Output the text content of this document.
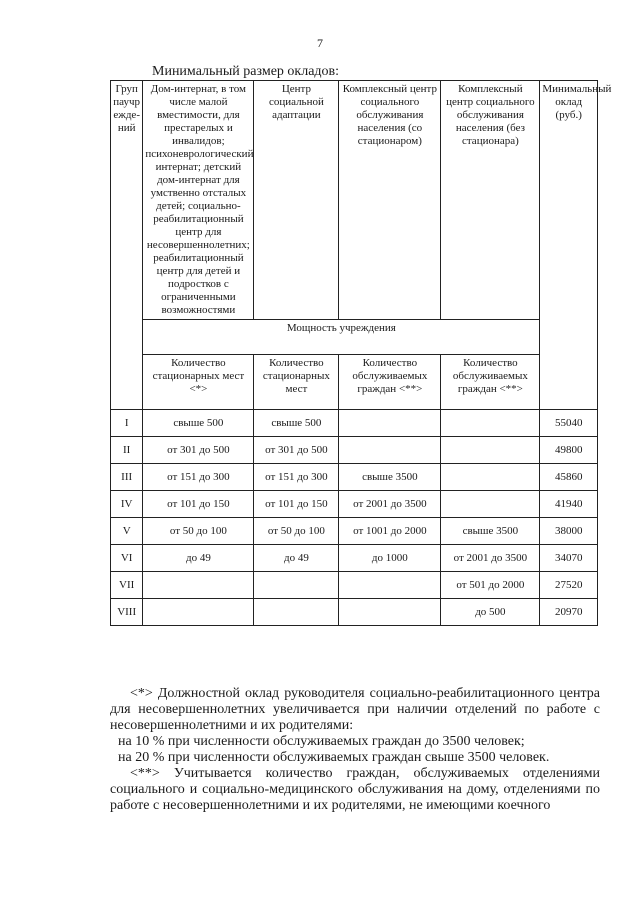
7
Минимальный размер окладов:
Группаучреждений	Дом-интернат, в том числе малой вместимости, для престарелых и инвалидов; психоневрологический интернат; детский дом-интернат для умственно отсталых детей; социально-реабилитационный центр для несовершеннолетних; реабилитационный центр для детей и подростков с ограниченными возможностями	Центр социальной адаптации	Комплексный центр социального обслуживания населения (со стационаром)	Комплексный центр социального обслуживания населения (без стационара)	Минимальный оклад (руб.)
	Мощность учреждения				
	Количество стационарных мест <*>	Количество стационарных мест	Количество обслуживаемых граждан <**>	Количество обслуживаемых граждан <**>	
I	свыше 500	свыше 500			55040
II	от 301 до 500	от 301 до 500			49800
III	от 151 до 300	от 151 до 300	свыше 3500		45860
IV	от 101 до 150	от 101 до 150	от 2001 до 3500		41940
V	от 50 до 100	от 50 до 100	от 1001 до 2000	свыше 3500	38000
VI	до 49	до 49	до 1000	от 2001 до 3500	34070
VII				от 501 до 2000	27520
VIII				до 500	20970

<*> Должностной оклад руководителя социально-реабилитационного центра для несовершеннолетних увеличивается при наличии отделений по работе с несовершеннолетними и их родителями:

на 10 % при численности обслуживаемых граждан до 3500 человек;

на 20 % при численности обслуживаемых граждан свыше 3500 человек.

<**> Учитывается количество граждан, обслуживаемых отделениями социального и социально-медицинского обслуживания на дому, отделениями по работе с несовершеннолетними и их родителями, не имеющими коечного
